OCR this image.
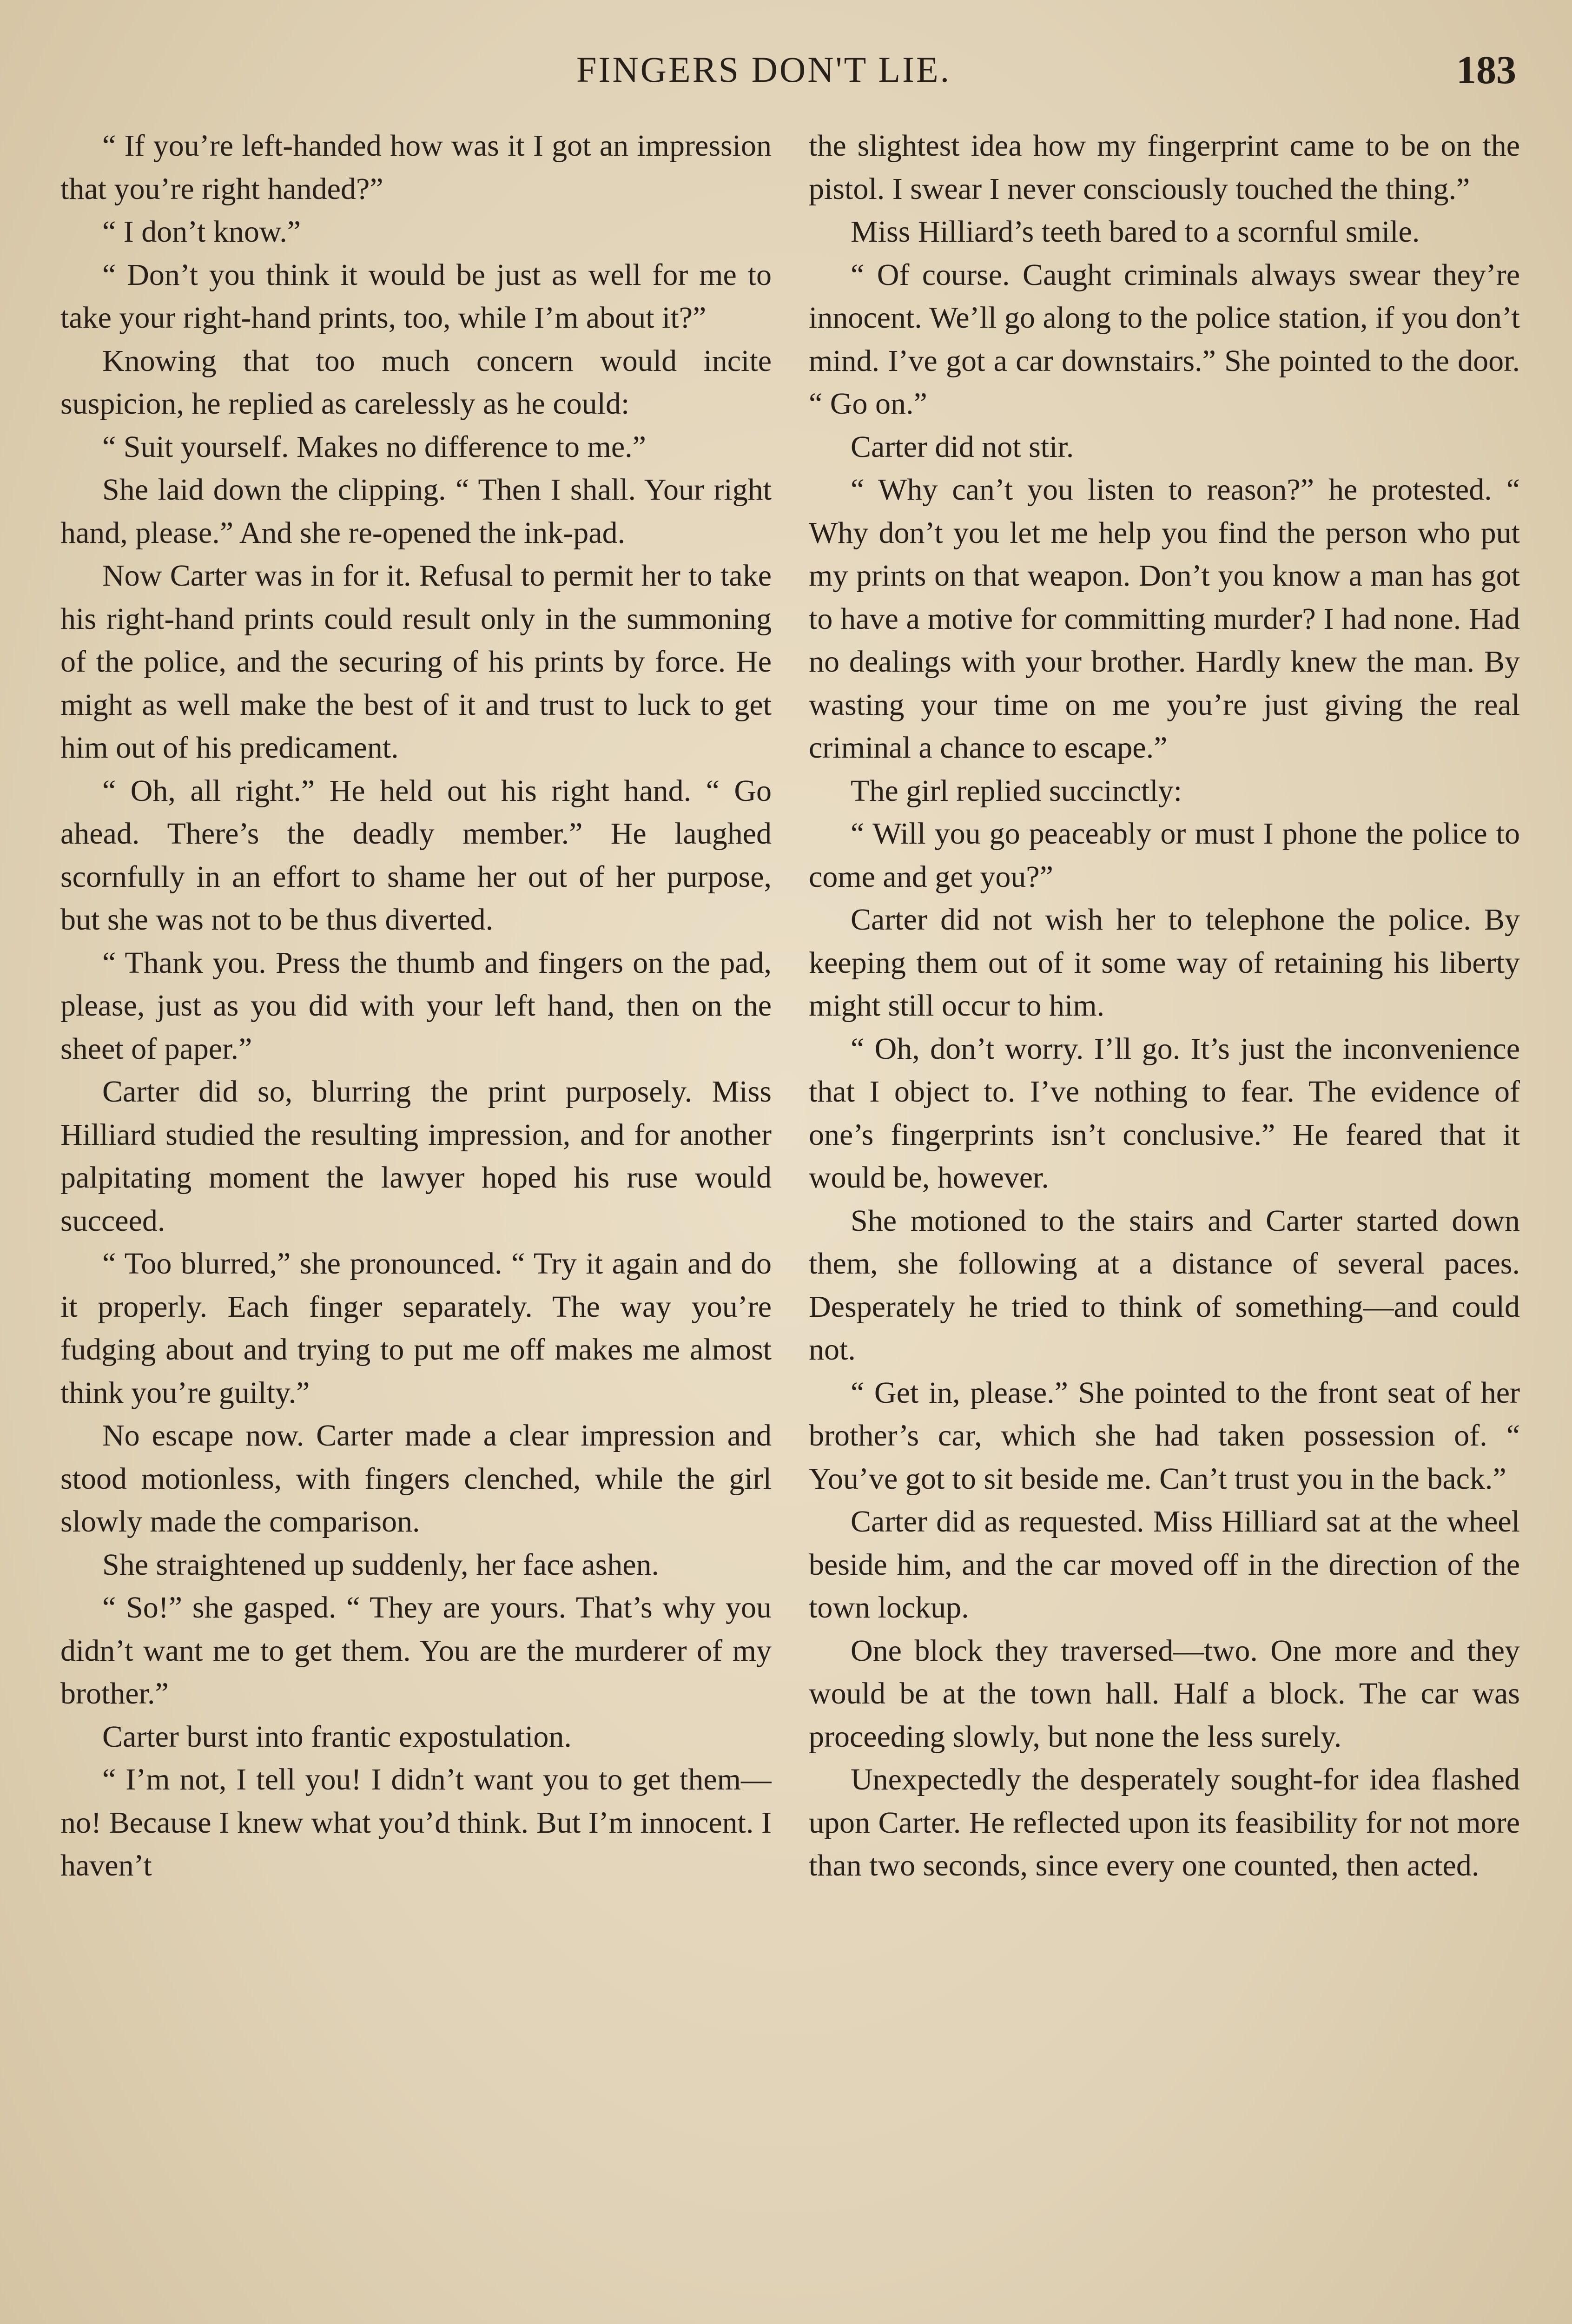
FINGERS DON'T LIE.	183

“ If you’re left-handed how was it I got an impression that you’re right handed?”

“ I don’t know.”

“ Don’t you think it would be just as well for me to take your right-hand prints, too, while I’m about it?”

Knowing that too much concern would incite suspicion, he replied as carelessly as he could:

“ Suit yourself. Makes no difference to me.”

She laid down the clipping. “ Then I shall. Your right hand, please.” And she re-opened the ink-pad.

Now Carter was in for it. Refusal to permit her to take his right-hand prints could result only in the summoning of the police, and the securing of his prints by force. He might as well make the best of it and trust to luck to get him out of his predicament.

“ Oh, all right.” He held out his right hand. “ Go ahead. There’s the deadly member.” He laughed scornfully in an effort to shame her out of her purpose, but she was not to be thus diverted.

“ Thank you. Press the thumb and fingers on the pad, please, just as you did with your left hand, then on the sheet of paper.”

Carter did so, blurring the print purposely. Miss Hilliard studied the resulting impression, and for another palpitating moment the lawyer hoped his ruse would succeed.

“ Too blurred,” she pronounced. “ Try it again and do it properly. Each finger separately. The way you’re fudging about and trying to put me off makes me almost think you’re guilty.”

No escape now. Carter made a clear impression and stood motionless, with fingers clenched, while the girl slowly made the comparison.

She straightened up suddenly, her face ashen.

“ So!” she gasped. “ They are yours. That’s why you didn’t want me to get them. You are the murderer of my brother.”

Carter burst into frantic expostulation.

“ I’m not, I tell you! I didn’t want you to get them—no! Because I knew what you’d think. But I’m innocent. I haven’t

the slightest idea how my fingerprint came to be on the pistol. I swear I never consciously touched the thing.”

Miss Hilliard’s teeth bared to a scornful smile.

“ Of course. Caught criminals always swear they’re innocent. We’ll go along to the police station, if you don’t mind. I’ve got a car downstairs.” She pointed to the door. “ Go on.”

Carter did not stir.

“ Why can’t you listen to reason?” he protested. “ Why don’t you let me help you find the person who put my prints on that weapon. Don’t you know a man has got to have a motive for committing murder? I had none. Had no dealings with your brother. Hardly knew the man. By wasting your time on me you’re just giving the real criminal a chance to escape.”

The girl replied succinctly:

“ Will you go peaceably or must I phone the police to come and get you?”

Carter did not wish her to telephone the police. By keeping them out of it some way of retaining his liberty might still occur to him.

“ Oh, don’t worry. I’ll go. It’s just the inconvenience that I object to. I’ve nothing to fear. The evidence of one’s fingerprints isn’t conclusive.” He feared that it would be, however.

She motioned to the stairs and Carter started down them, she following at a distance of several paces. Desperately he tried to think of something—and could not.

“ Get in, please.” She pointed to the front seat of her brother’s car, which she had taken possession of. “ You’ve got to sit beside me. Can’t trust you in the back.”

Carter did as requested. Miss Hilliard sat at the wheel beside him, and the car moved off in the direction of the town lockup.

One block they traversed—two. One more and they would be at the town hall. Half a block. The car was proceeding slowly, but none the less surely.

Unexpectedly the desperately sought-for idea flashed upon Carter. He reflected upon its feasibility for not more than two seconds, since every one counted, then acted.
